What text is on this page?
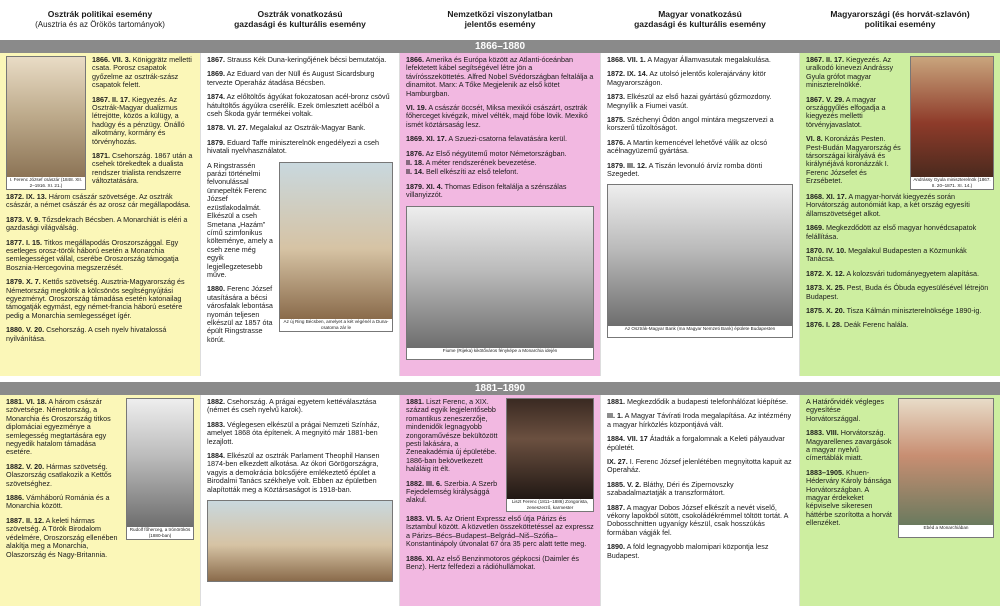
Osztrák politikai esemény
(Ausztria és az Örökös tartományok)
Osztrák vonatkozású
gazdasági és kulturális esemény
Nemzetközi viszonylatban
jelentős esemény
Magyar vonatkozású
gazdasági és kulturális esemény
Magyarországi (és horvát-szlavón)
politikai esemény
1866–1880
I. Ferenc József császár (1848. XII. 2–1916. XI. 21.)
1866. VII. 3. Königgrätz melletti csata. Porosz csapatok győzelme az osztrák-szász csapatok felett.
1867. II. 17. Kiegyezés. Az Osztrák-Magyar dualizmus létrejötte, közös a külügy, a hadügy és a pénzügy. Önálló alkotmány, kormány és törvényhozás.
1871. Csehország. 1867 után a csehek törekedtek a dualista rendszer trialista rendszerre változtatására.
1872. IX. 13. Három császár szövetsége. Az osztrák császár, a német császár és az orosz cár megállapodása.
1873. V. 9. Tőzsdekrach Bécsben. A Monarchiát is eléri a gazdasági világválság.
1877. I. 15. Titkos megállapodás Oroszországgal. Egy esetleges orosz-török háború esetén a Monarchia semlegességet vállal, cserébe Oroszország támogatja Bosznia-Hercegovina megszerzését.
1879. X. 7. Kettős szövetség. Ausztria-Magyarország és Németország megkötik a kölcsönös segítségnyújtási egyezményt. Oroszország támadása esetén katonailag támogatják egymást, egy német-francia háború esetére pedig a Monarchia semlegességet ígér.
1880. V. 20. Csehország. A cseh nyelv hivatalossá nyilvánítása.
1867. Strauss Kék Duna-keringőjének bécsi bemutatója.
1869. Az Eduard van der Nüll és August Sicardsburg tervezte Operaház átadása Bécsben.
1874. Az előltöltős ágyúkat fokozatosan acél-bronz csövű hátultöltős ágyúkra cserélik. Ezek ömlesztett acélból a cseh Škoda gyár termékei voltak.
1878. VI. 27. Megalakul az Osztrák-Magyar Bank.
1879. Eduard Taffe miniszterelnök engedélyezi a cseh hivatali nyelvhasználatot.
Az új Ring Bécsben, amelyet a két végénél a Duna-csatorna zár le
A Ringstrassén parázi történelmi felvonulással ünnepelték Ferenc József ezüstlakodalmát. Elkészül a cseh Smetana „Hazám” című szimfonikus költeménye, amely a cseh zene még egyik legjellegzetesebb műve.
1880. Ferenc József utasítására a bécsi városfalak lebontása nyomán teljesen elkészül az 1857 óta épült Ringstrasse körút.
1866. Amerika és Európa között az Atlanti-óceánban lefektetett kábel segítségével létre jön a távírósszeköttetés. Alfred Nobel Svédországban feltalálja a dinamitot. Marx: A Tőke Megjelenik az első kötet Hamburgban.
VI. 19. A császár öccsét, Miksa mexikói császárt, osztrák főherceget kivégzik, mivel vélték, majd fóbe lövik. Mexikó ismét köztársaság lesz.
1869. XI. 17. A Szuezi-csatorna felavatására kerül.
1876. Az Első négyütemű motor Németországban.
II. 18. A méter rendszerének bevezetése.
II. 14. Bell elkészíti az első telefont.
1879. XI. 4. Thomas Edison feltalálja a szénszálas villanyizzót.
Fiume (Rijeka) kikötőváros fényképe a Monarchia idején
1868. VII. 1. A Magyar Államvasutak megalakulása.
1872. IX. 14. Az utolsó jelentős kolerajárvány kitör Magyarországon.
1873. Elkészül az első hazai gyártású gőzmozdony. Megnyílik a Fiumei vasút.
1875. Széchenyi Ödön angol mintára megszervezi a korszerű tűzoltóságot.
1876. A Martin kemencével lehetővé válik az olcsó acélnagyüzemű gyártása.
1879. III. 12. A Tiszán levonuló árvíz romba dönti Szegedet.
Az Osztrák-Magyar Bank (ma Magyar Nemzeti Bank) épülete Budapesten
Andrássy Gyula miniszterelnök (1867. II. 20–1871. XI. 14.)
1867. II. 17. Kiegyezés. Az uralkodó kinevezi Andrássy Gyula grófot magyar miniszterelnökké.
1867. V. 29. A magyar országgyűlés elfogadja a kiegyezés melletti törvényjavaslatot.
VI. 8. Koronázás Pesten. Pest-Budán Magyarország és társországai királyává és királynéjává koronázzák I. Ferenc Józsefet és Erzsébetet.
1868. XI. 17. A magyar-horvát kiegyezés során Horvátország autonómiát kap, a két ország egyesíti államszövetséget alkot.
1869. Megkezdődött az első magyar honvédcsapatok felállítása.
1870. IV. 10. Megalakul Budapesten a Közmunkák Tanácsa.
1872. X. 12. A kolozsvári tudományegyetem alapítása.
1873. X. 25. Pest, Buda és Óbuda egyesülésével létrejön Budapest.
1875. X. 20. Tisza Kálmán miniszterelnöksége 1890-ig.
1876. I. 28. Deák Ferenc halála.
1881–1890
Rudolf főherceg, a trónörökös (1880-ban)
1881. VI. 18. A három császár szövetsége. Németország, a Monarchia és Oroszország titkos diplomáciai egyezménye a semlegesség megtartására egy negyedik hatalom támadása esetére.
1882. V. 20. Hármas szövetség. Olaszország csatlakozik a Kettős szövetséghez.
1886. Vámháború Románia és a Monarchia között.
1887. II. 12. A keleti hármas szövetség. A Török Birodalom védelmére, Oroszország ellenében alakítja meg a Monarchia, Olaszország és Nagy-Britannia.
1882. Csehország. A prágai egyetem kettéválasztása (német és cseh nyelvű karok).
1883. Véglegesen elkészül a prágai Nemzeti Színház, amelyet 1868 óta építenek. A megnyitó már 1881-ben lezajlott.
1884. Elkészül az osztrák Parlament Theophil Hansen 1874-ben elkezdett alkotása. Az ókori Görögországra, vagyis a demokrácia bölcsőjére emlékeztető épület a Birodalmi Tanács székhelye volt. Ebben az épületben alapították meg a Köztársaságot is 1918-ban.
Liszt Ferenc (1811–1886) Zongorista, zeneszerző, karmester
1881. Liszt Ferenc, a XIX. század egyik legjelentősebb romantikus zeneszerzője, mindenidők legnagyobb zongoraművésze bekültözött pesti lakására, a Zeneakadémia új épületébe. 1886-ban bekövetkezett haláláig itt élt.
1882. III. 6. Szerbia. A Szerb Fejedelemség királysággá alakul.
1883. VI. 5. Az Orient Expressz első útja Párizs és Isztambul között. A közvetlen összeköttetéssel az expressz a Párizs–Bécs–Budapest–Belgrád–Niš–Szófia–Konstantinápoly útvonalat 67 óra 35 perc alatt tette meg.
1886. XI. Az első Benzinmotoros gépkocsi (Daimler és Benz). Hertz felfedezi a rádióhullámokat.
1881. Megkezdődik a budapesti telefonhálózat kiépítése.
III. 1. A Magyar Távírati Iroda megalapítása. Az intézmény a magyar hírközlés központjává vált.
1884. VII. 17 Átadták a forgalomnak a Keleti pályaudvar épületét.
IX. 27. I. Ferenc József jelenlétében megnyitotta kapuit az Operaház.
1885. V. 2. Bláthy, Déri és Zipernovszky szabadalmaztatják a transzformátort.
1887. A magyar Dobos József elkészít a nevét viselő, vékony lapokból sütött, csokoládékrémmel töltött tortát. A Dobosschnitten ugyanígy készül, csak hosszúkás formában vágják fel.
1890. A föld legnagyobb malomipari központja lesz Budapest.
Ebéd a Monarchiában
A Határőrvidék végleges egyesítése Horvátországgal.
1883. VIII. Horvátország. Magyarellenes zavargások a magyar nyelvű címertáblák miatt.
1883–1905. Khuen-Héderváry Károly bánsága Horvátországban. A magyar érdekeket képviselve sikeresen háttérbe szorította a horvát ellenzéket.
